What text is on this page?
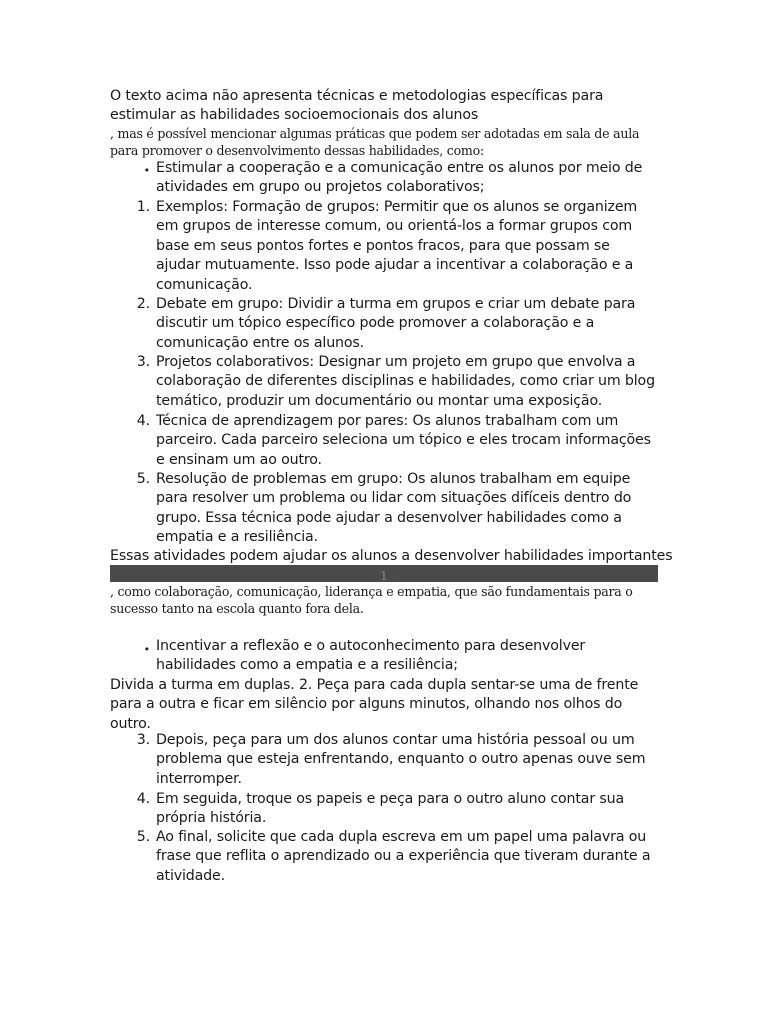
O texto acima não apresenta técnicas e metodologias específicas para estimular as habilidades socioemocionais dos alunos
, mas é possível mencionar algumas práticas que podem ser adotadas em sala de aula para promover o desenvolvimento dessas habilidades, como:
• Estimular a cooperação e a comunicação entre os alunos por meio de atividades em grupo ou projetos colaborativos;
1. Exemplos: Formação de grupos: Permitir que os alunos se organizem em grupos de interesse comum, ou orientá-los a formar grupos com base em seus pontos fortes e pontos fracos, para que possam se ajudar mutuamente. Isso pode ajudar a incentivar a colaboração e a comunicação.
2. Debate em grupo: Dividir a turma em grupos e criar um debate para discutir um tópico específico pode promover a colaboração e a comunicação entre os alunos.
3. Projetos colaborativos: Designar um projeto em grupo que envolva a colaboração de diferentes disciplinas e habilidades, como criar um blog temático, produzir um documentário ou montar uma exposição.
4. Técnica de aprendizagem por pares: Os alunos trabalham com um parceiro. Cada parceiro seleciona um tópico e eles trocam informações e ensinam um ao outro.
5. Resolução de problemas em grupo: Os alunos trabalham em equipe para resolver um problema ou lidar com situações difíceis dentro do grupo. Essa técnica pode ajudar a desenvolver habilidades como a empatia e a resiliência.
Essas atividades podem ajudar os alunos a desenvolver habilidades importantes
1
, como colaboração, comunicação, liderança e empatia, que são fundamentais para o sucesso tanto na escola quanto fora dela.
• Incentivar a reflexão e o autoconhecimento para desenvolver habilidades como a empatia e a resiliência;
Divida a turma em duplas. 2. Peça para cada dupla sentar-se uma de frente para a outra e ficar em silêncio por alguns minutos, olhando nos olhos do outro.
3. Depois, peça para um dos alunos contar uma história pessoal ou um problema que esteja enfrentando, enquanto o outro apenas ouve sem interromper.
4. Em seguida, troque os papeis e peça para o outro aluno contar sua própria história.
5. Ao final, solicite que cada dupla escreva em um papel uma palavra ou frase que reflita o aprendizado ou a experiência que tiveram durante a atividade.
